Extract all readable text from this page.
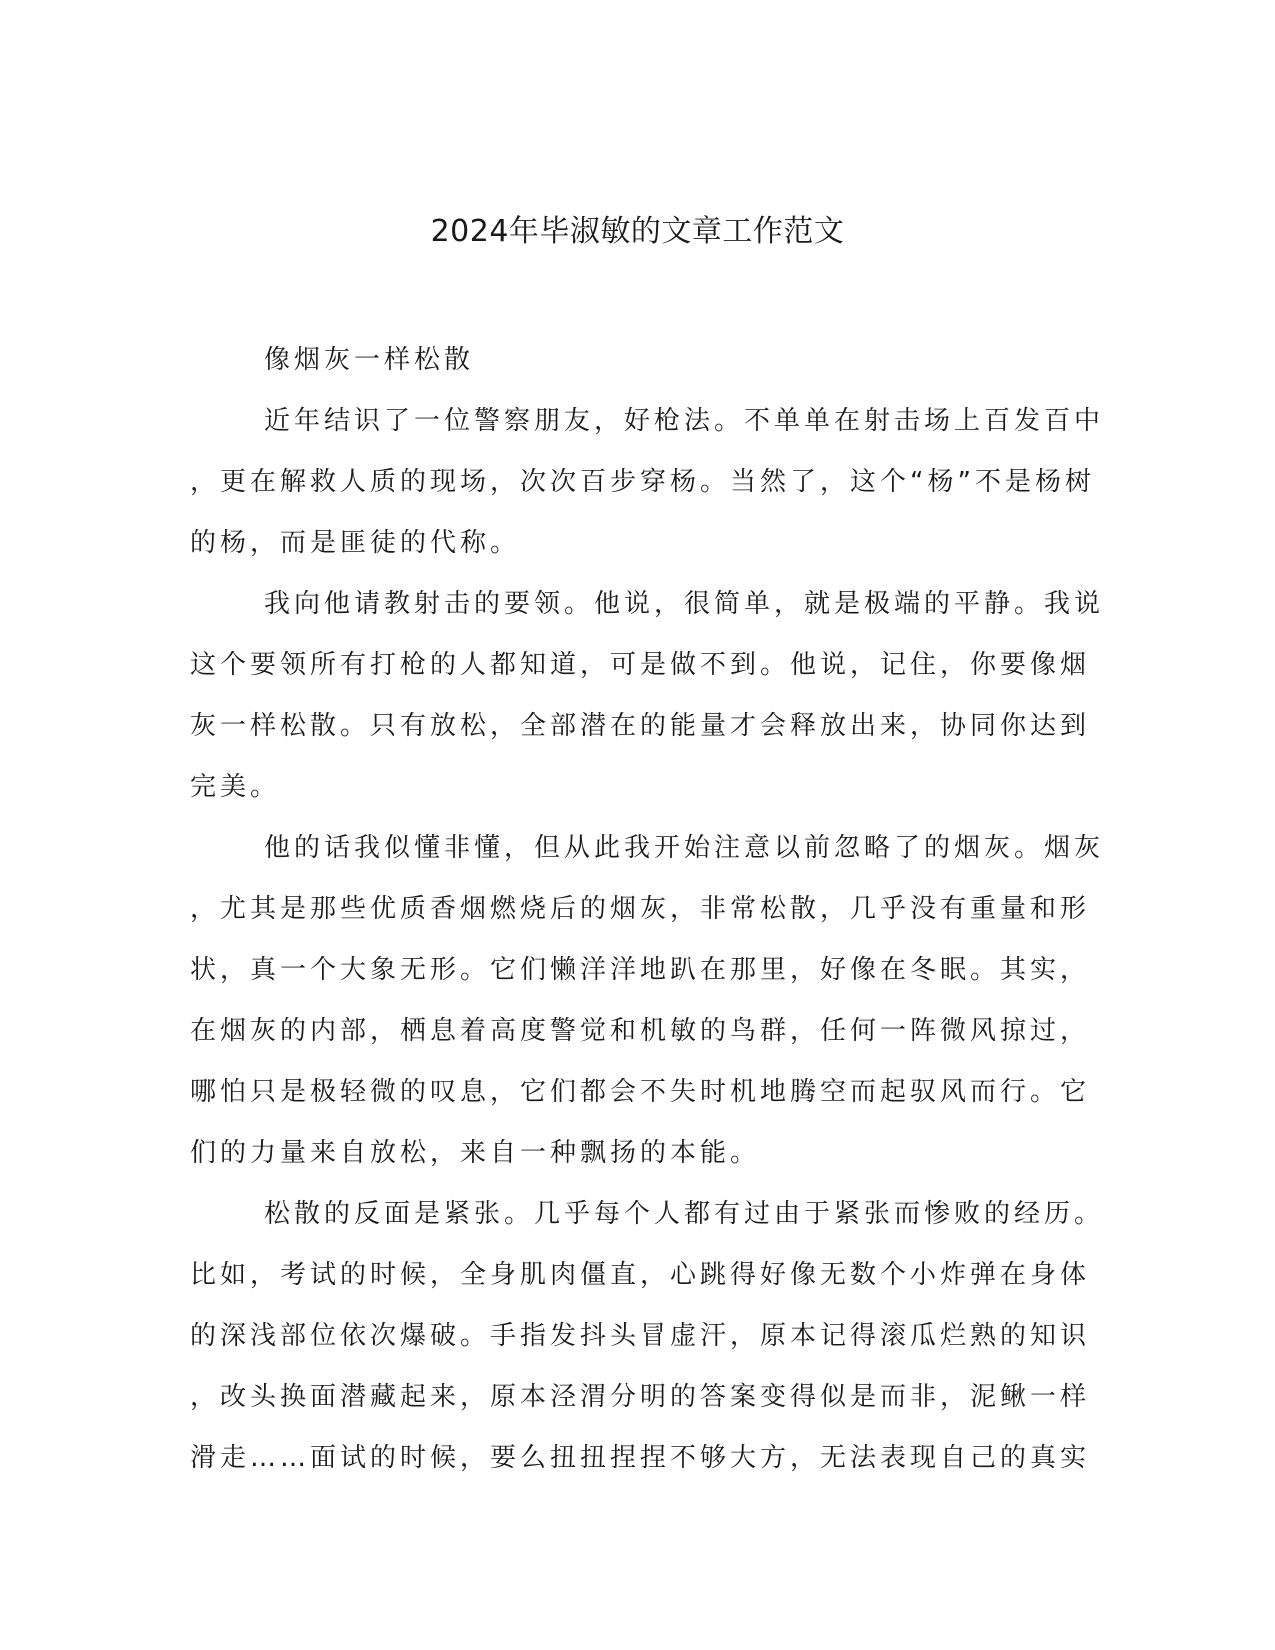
2024年毕淑敏的文章工作范文
像烟灰一样松散
近年结识了一位警察朋友，好枪法。不单单在射击场上百发百中
，更在解救人质的现场，次次百步穿杨。当然了，这个“杨”不是杨树
的杨，而是匪徒的代称。
我向他请教射击的要领。他说，很简单，就是极端的平静。我说
这个要领所有打枪的人都知道，可是做不到。他说，记住，你要像烟
灰一样松散。只有放松，全部潜在的能量才会释放出来，协同你达到
完美。
他的话我似懂非懂，但从此我开始注意以前忽略了的烟灰。烟灰
，尤其是那些优质香烟燃烧后的烟灰，非常松散，几乎没有重量和形
状，真一个大象无形。它们懒洋洋地趴在那里，好像在冬眠。其实，
在烟灰的内部，栖息着高度警觉和机敏的鸟群，任何一阵微风掠过，
哪怕只是极轻微的叹息，它们都会不失时机地腾空而起驭风而行。它
们的力量来自放松，来自一种飘扬的本能。
松散的反面是紧张。几乎每个人都有过由于紧张而惨败的经历。
比如，考试的时候，全身肌肉僵直，心跳得好像无数个小炸弹在身体
的深浅部位依次爆破。手指发抖头冒虚汗，原本记得滚瓜烂熟的知识
，改头换面潜藏起来，原本泾渭分明的答案变得似是而非，泥鳅一样
滑走……面试的时候，要么扭扭捏捏不够大方，无法表现自己的真实
